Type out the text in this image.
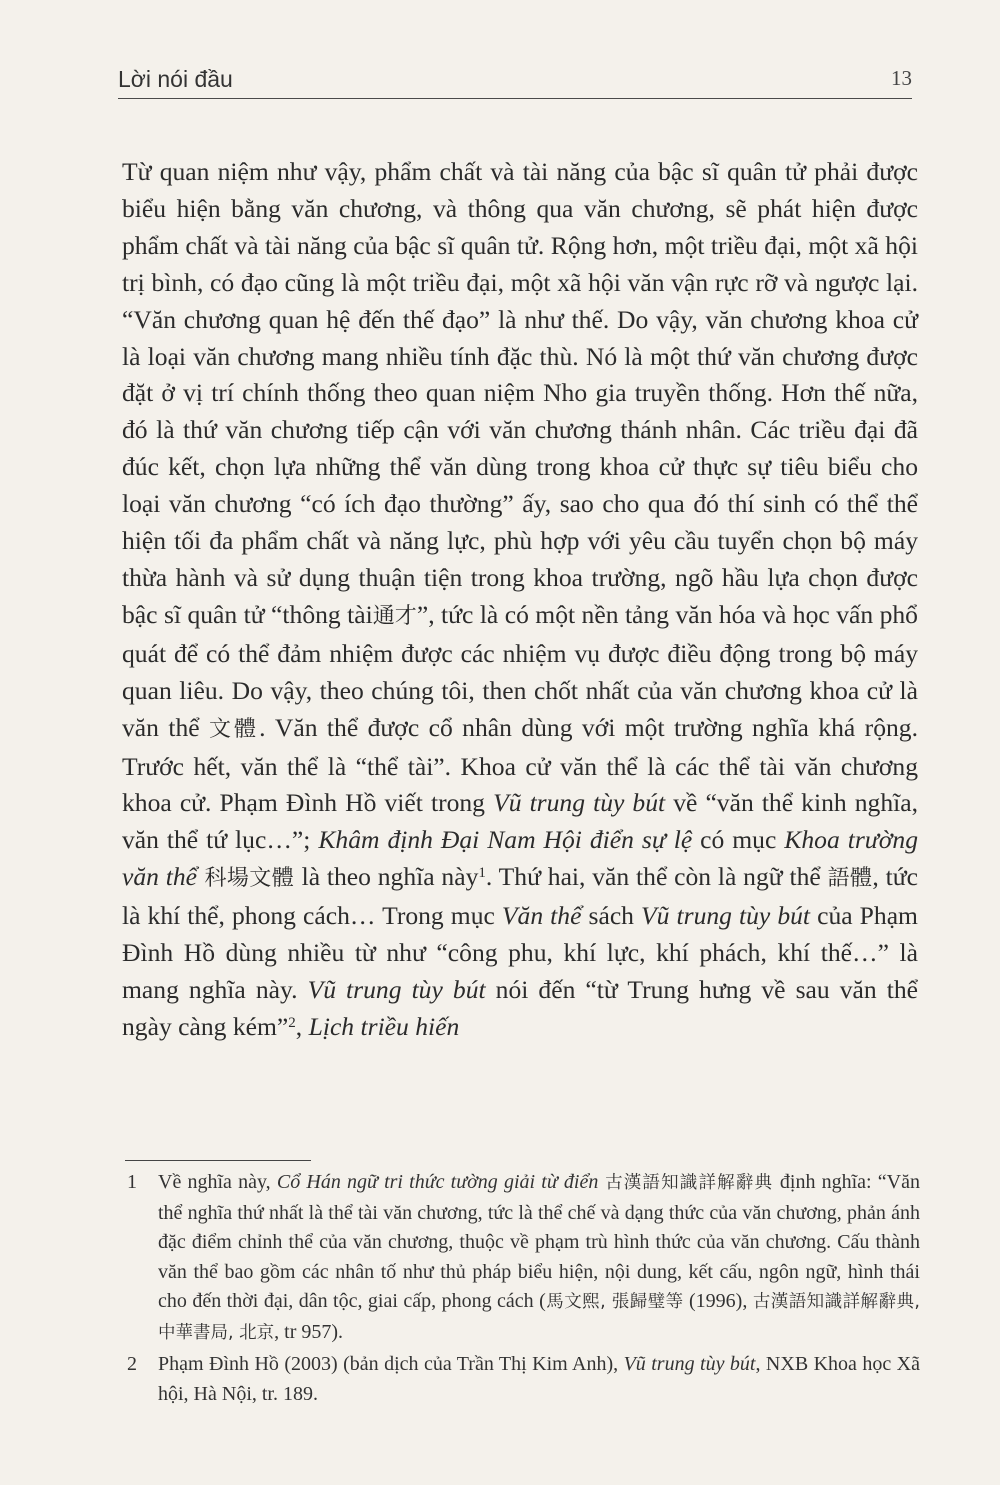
Lời nói đầu	13

Từ quan niệm như vậy, phẩm chất và tài năng của bậc sĩ quân tử phải được biểu hiện bằng văn chương, và thông qua văn chương, sẽ phát hiện được phẩm chất và tài năng của bậc sĩ quân tử. Rộng hơn, một triều đại, một xã hội trị bình, có đạo cũng là một triều đại, một xã hội văn vận rực rỡ và ngược lại. “Văn chương quan hệ đến thế đạo” là như thế. Do vậy, văn chương khoa cử là loại văn chương mang nhiều tính đặc thù. Nó là một thứ văn chương được đặt ở vị trí chính thống theo quan niệm Nho gia truyền thống. Hơn thế nữa, đó là thứ văn chương tiếp cận với văn chương thánh nhân. Các triều đại đã đúc kết, chọn lựa những thể văn dùng trong khoa cử thực sự tiêu biểu cho loại văn chương “có ích đạo thường” ấy, sao cho qua đó thí sinh có thể thể hiện tối đa phẩm chất và năng lực, phù hợp với yêu cầu tuyển chọn bộ máy thừa hành và sử dụng thuận tiện trong khoa trường, ngõ hầu lựa chọn được bậc sĩ quân tử “thông tài通才”, tức là có một nền tảng văn hóa và học vấn phổ quát để có thể đảm nhiệm được các nhiệm vụ được điều động trong bộ máy quan liêu. Do vậy, theo chúng tôi, then chốt nhất của văn chương khoa cử là văn thể 文體. Văn thể được cổ nhân dùng với một trường nghĩa khá rộng. Trước hết, văn thể là “thể tài”. Khoa cử văn thể là các thể tài văn chương khoa cử. Phạm Đình Hồ viết trong Vũ trung tùy bút về “văn thể kinh nghĩa, văn thể tứ lục…”; Khâm định Đại Nam Hội điển sự lệ có mục Khoa trường văn thể 科場文體 là theo nghĩa này$^1$. Thứ hai, văn thể còn là ngữ thể 語體, tức là khí thể, phong cách… Trong mục Văn thể sách Vũ trung tùy bút của Phạm Đình Hồ dùng nhiều từ như “công phu, khí lực, khí phách, khí thế…” là mang nghĩa này. Vũ trung tùy bút nói đến “từ Trung hưng về sau văn thể ngày càng kém”$^2$, Lịch triều hiến

1 Về nghĩa này, Cổ Hán ngữ tri thức tường giải từ điển 古漢語知識詳解辭典 định nghĩa: “Văn thể nghĩa thứ nhất là thể tài văn chương, tức là thể chế và dạng thức của văn chương, phản ánh đặc điểm chỉnh thể của văn chương, thuộc về phạm trù hình thức của văn chương. Cấu thành văn thể bao gồm các nhân tố như thủ pháp biểu hiện, nội dung, kết cấu, ngôn ngữ, hình thái cho đến thời đại, dân tộc, giai cấp, phong cách (馬文熙, 張歸璧等 (1996), 古漢語知識詳解辭典, 中華書局, 北京, tr 957).
2 Phạm Đình Hồ (2003) (bản dịch của Trần Thị Kim Anh), Vũ trung tùy bút, NXB Khoa học Xã hội, Hà Nội, tr. 189.
